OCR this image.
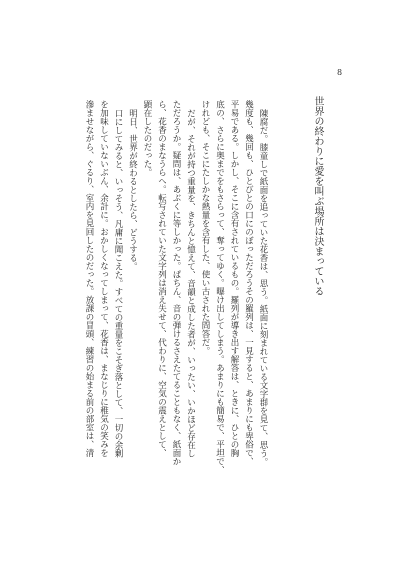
8
世界の終わりに愛を叫ぶ場所は決まっている
陳腐だ。膝童しで紙面を追っていた花香は、思う。紙面に刻まれている文字群を見て、思う。
幾度も、幾回も、ひとびとの口にのぼっただろうその羅列は、一見すると、あまりにも卑俗で、
平易である。しかし、そこに含有されているもの。羅列が導き出す解答は、ときに、ひとの胸
底の、さらに奥までをもさらって、奪ってゆく。曝け出してしまう。あまりにも簡易で、平坦で、
けれども、そこにたしかな熱量を含有した、使い古された問答だ。
だが、それが持つ重量を、きちんと憶えて、音韻と成した者が、いったい、いかほど存在し
ただろうか。疑問は、あぶくに等しかった。ぱちん、音の弾けるさえたてることもなく、紙面か
ら、花香のまなうらへ。転写されていた文字列は消え失せて、代わりに、空気の震えとして、
顕在したのだった。
明日、世界が終わるとしたら、どうする。
口にしてみると、いっそう、凡庸に聞こえた。すべての重量をこそぎ落として、一切の余剰
を加味していないぶん、余計に。おかしくなってしまって、花香は、まなじりに稚気の笑みを
滲ませながら、ぐるり、室内を見回したのだった。放課の冒頭、練習の始まる前の部室は、清
